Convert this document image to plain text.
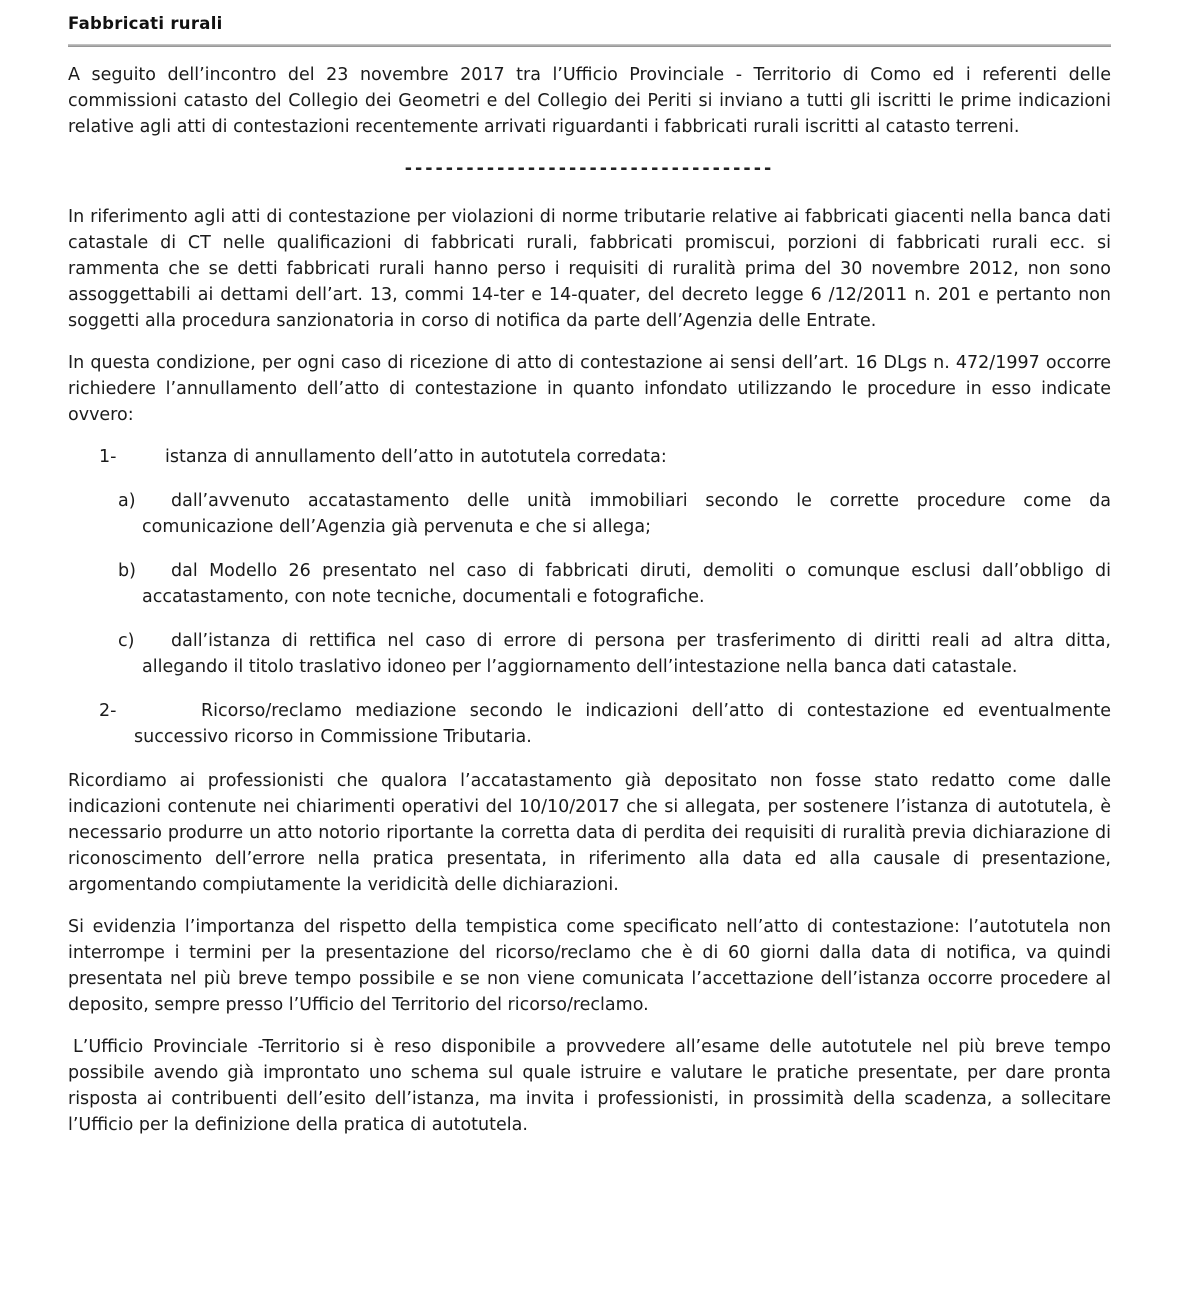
Fabbricati rurali

A seguito dell’incontro del 23 novembre 2017 tra l’Ufficio Provinciale - Territorio di Como ed i referenti delle commissioni catasto del Collegio dei Geometri e del Collegio dei Periti si inviano a tutti gli iscritti le prime indicazioni relative agli atti di contestazioni recentemente arrivati riguardanti i fabbricati rurali iscritti al catasto terreni.

------------------------------------

In riferimento agli atti di contestazione per violazioni di norme tributarie relative ai fabbricati giacenti nella banca dati catastale di CT nelle qualificazioni di fabbricati rurali, fabbricati promiscui, porzioni di fabbricati rurali ecc. si rammenta che se detti fabbricati rurali hanno perso i requisiti di ruralità prima del 30 novembre 2012, non sono assoggettabili ai dettami dell’art. 13, commi 14-ter e 14-quater, del decreto legge 6 /12/2011 n. 201 e pertanto non soggetti alla procedura sanzionatoria in corso di notifica da parte dell’Agenzia delle Entrate.

In questa condizione, per ogni caso di ricezione di atto di contestazione ai sensi dell’art. 16 DLgs n. 472/1997 occorre richiedere l’annullamento dell’atto di contestazione in quanto infondato utilizzando le procedure in esso indicate ovvero:

1-	istanza di annullamento dell’atto in autotutela corredata:
a) dall’avvenuto accatastamento delle unità immobiliari secondo le corrette procedure come da comunicazione dell’Agenzia già pervenuta e che si allega;
b) dal Modello 26 presentato nel caso di fabbricati diruti, demoliti o comunque esclusi dall’obbligo di accatastamento, con note tecniche, documentali e fotografiche.
c) dall’istanza di rettifica nel caso di errore di persona per trasferimento di diritti reali ad altra ditta, allegando il titolo traslativo idoneo per l’aggiornamento dell’intestazione nella banca dati catastale.
2-	Ricorso/reclamo mediazione secondo le indicazioni dell’atto di contestazione ed eventualmente successivo ricorso in Commissione Tributaria.

Ricordiamo ai professionisti che qualora l’accatastamento già depositato non fosse stato redatto come dalle indicazioni contenute nei chiarimenti operativi del 10/10/2017 che si allegata, per sostenere l’istanza di autotutela, è necessario produrre un atto notorio riportante la corretta data di perdita dei requisiti di ruralità previa dichiarazione di riconoscimento dell’errore nella pratica presentata, in riferimento alla data ed alla causale di presentazione, argomentando compiutamente la veridicità delle dichiarazioni.

Si evidenzia l’importanza del rispetto della tempistica come specificato nell’atto di contestazione: l’autotutela non interrompe i termini per la presentazione del ricorso/reclamo che è di 60 giorni dalla data di notifica, va quindi presentata nel più breve tempo possibile e se non viene comunicata l’accettazione dell’istanza occorre procedere al deposito, sempre presso l’Ufficio del Territorio del ricorso/reclamo.

L’Ufficio Provinciale -Territorio si è reso disponibile a provvedere all’esame delle autotutele nel più breve tempo possibile avendo già improntato uno schema sul quale istruire e valutare le pratiche presentate, per dare pronta risposta ai contribuenti dell’esito dell’istanza, ma invita i professionisti, in prossimità della scadenza, a sollecitare l’Ufficio per la definizione della pratica di autotutela.
